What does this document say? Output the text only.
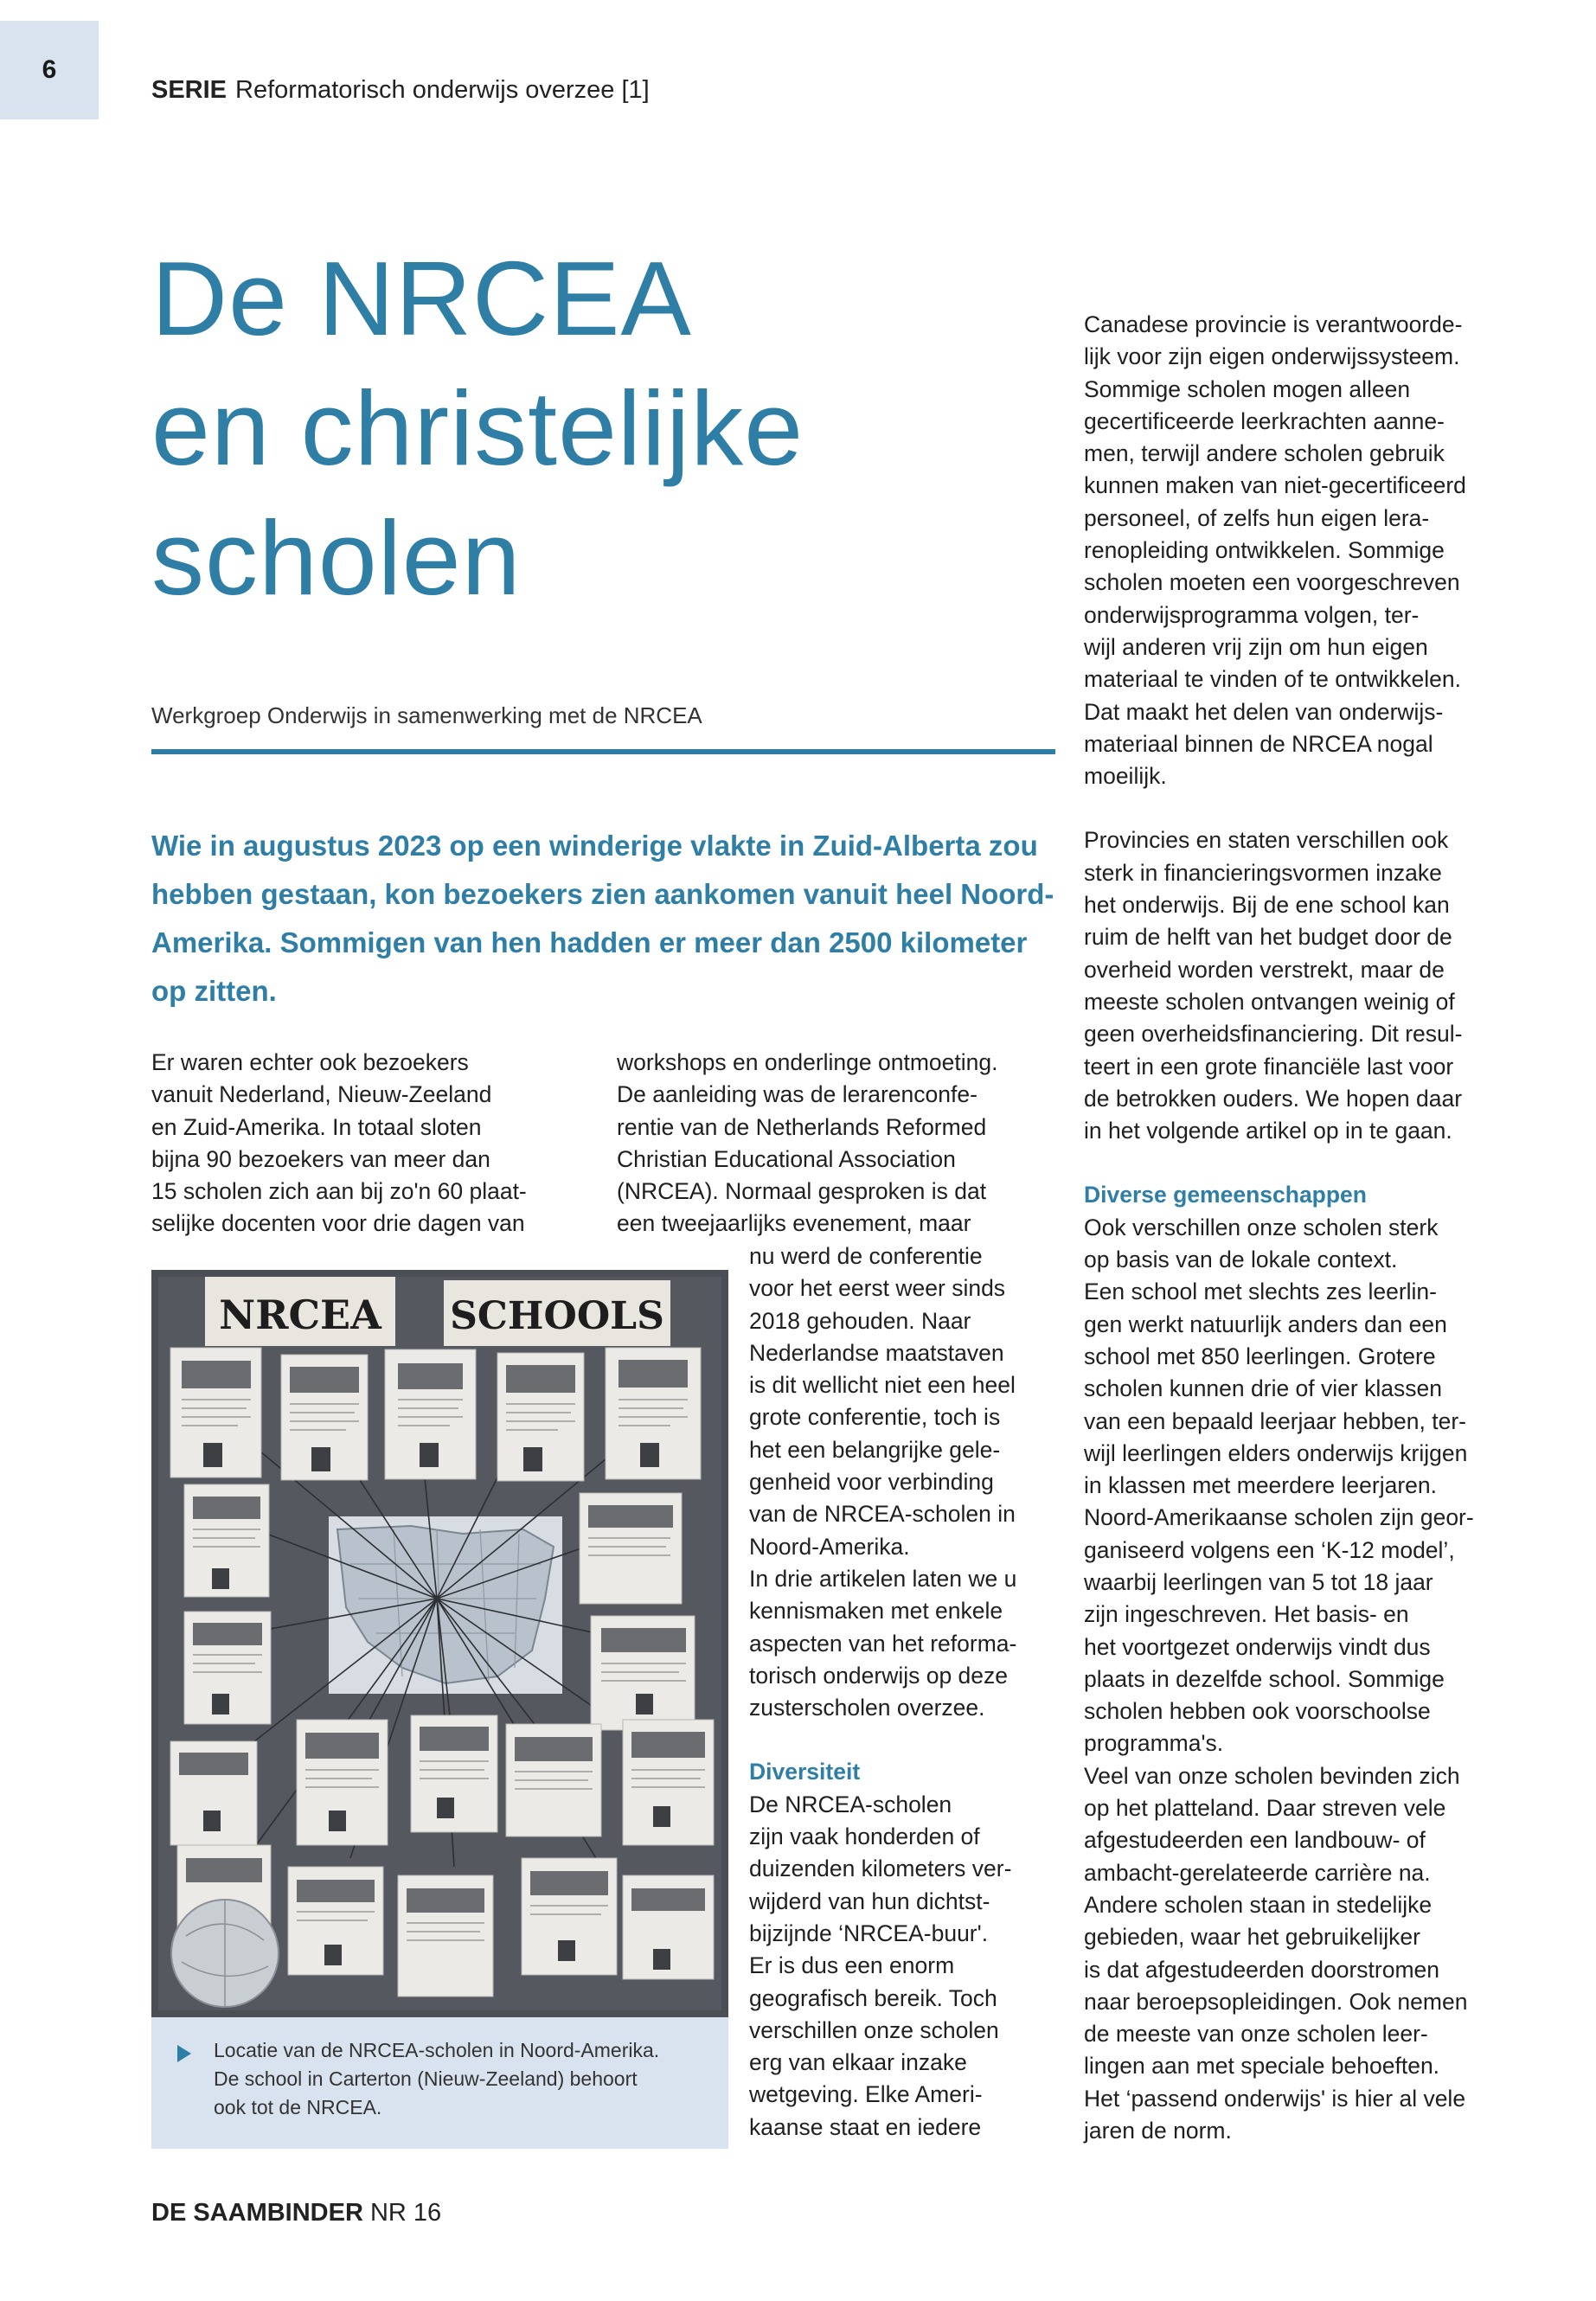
6
SERIE Reformatorisch onderwijs overzee [1]
De NRCEA
en christelijke
scholen
Werkgroep Onderwijs in samenwerking met de NRCEA
Wie in augustus 2023 op een winderige vlakte in Zuid-Alberta zou hebben gestaan, kon bezoekers zien aankomen vanuit heel Noord-Amerika. Sommigen van hen hadden er meer dan 2500 kilometer op zitten.
Er waren echter ook bezoekers
vanuit Nederland, Nieuw-Zeeland
en Zuid-Amerika. In totaal sloten
bijna 90 bezoekers van meer dan
15 scholen zich aan bij zo'n 60 plaat-
selijke docenten voor drie dagen van
workshops en onderlinge ontmoeting.
De aanleiding was de lerarenconfe-
rentie van de Netherlands Reformed
Christian Educational Association
(NRCEA). Normaal gesproken is dat
een tweejaarlijks evenement, maar
nu werd de conferentie
voor het eerst weer sinds
2018 gehouden. Naar
Nederlandse maatstaven
is dit wellicht niet een heel
grote conferentie, toch is
het een belangrijke gele-
genheid voor verbinding
van de NRCEA-scholen in
Noord-Amerika.
In drie artikelen laten we u
kennismaken met enkele
aspecten van het reforma-
torisch onderwijs op deze
zusterscholen overzee.

Diversiteit

De NRCEA-scholen
zijn vaak honderden of
duizenden kilometers ver-
wijderd van hun dichtst-
bijzijnde ‘NRCEA-buur'.
Er is dus een enorm
geografisch bereik. Toch
verschillen onze scholen
erg van elkaar inzake
wetgeving. Elke Ameri-
kaanse staat en iedere
Canadese provincie is verantwoorde-
lijk voor zijn eigen onderwijssysteem.
Sommige scholen mogen alleen
gecertificeerde leerkrachten aanne-
men, terwijl andere scholen gebruik
kunnen maken van niet-gecertificeerd
personeel, of zelfs hun eigen lera-
renopleiding ontwikkelen. Sommige
scholen moeten een voorgeschreven
onderwijsprogramma volgen, ter-
wijl anderen vrij zijn om hun eigen
materiaal te vinden of te ontwikkelen.
Dat maakt het delen van onderwijs-
materiaal binnen de NRCEA nogal
moeilijk.
Provincies en staten verschillen ook
sterk in financieringsvormen inzake
het onderwijs. Bij de ene school kan
ruim de helft van het budget door de
overheid worden verstrekt, maar de
meeste scholen ontvangen weinig of
geen overheidsfinanciering. Dit resul-
teert in een grote financiële last voor
de betrokken ouders. We hopen daar
in het volgende artikel op in te gaan.

Diverse gemeenschappen

Ook verschillen onze scholen sterk
op basis van de lokale context.
Een school met slechts zes leerlin-
gen werkt natuurlijk anders dan een
school met 850 leerlingen. Grotere
scholen kunnen drie of vier klassen
van een bepaald leerjaar hebben, ter-
wijl leerlingen elders onderwijs krijgen
in klassen met meerdere leerjaren.
Noord-Amerikaanse scholen zijn geor-
ganiseerd volgens een ‘K-12 model’,
waarbij leerlingen van 5 tot 18 jaar
zijn ingeschreven. Het basis- en
het voortgezet onderwijs vindt dus
plaats in dezelfde school. Sommige
scholen hebben ook voorschoolse
programma's.
Veel van onze scholen bevinden zich
op het platteland. Daar streven vele
afgestudeerden een landbouw- of
ambacht-gerelateerde carrière na.
Andere scholen staan in stedelijke
gebieden, waar het gebruikelijker
is dat afgestudeerden doorstromen
naar beroepsopleidingen. Ook nemen
de meeste van onze scholen leer-
lingen aan met speciale behoeften.
Het ‘passend onderwijs' is hier al vele
jaren de norm.
NRCEA SCHOOLS
Locatie van de NRCEA-scholen in Noord-Amerika.
De school in Carterton (Nieuw-Zeeland) behoort
ook tot de NRCEA.
DE SAAMBINDER NR 16
